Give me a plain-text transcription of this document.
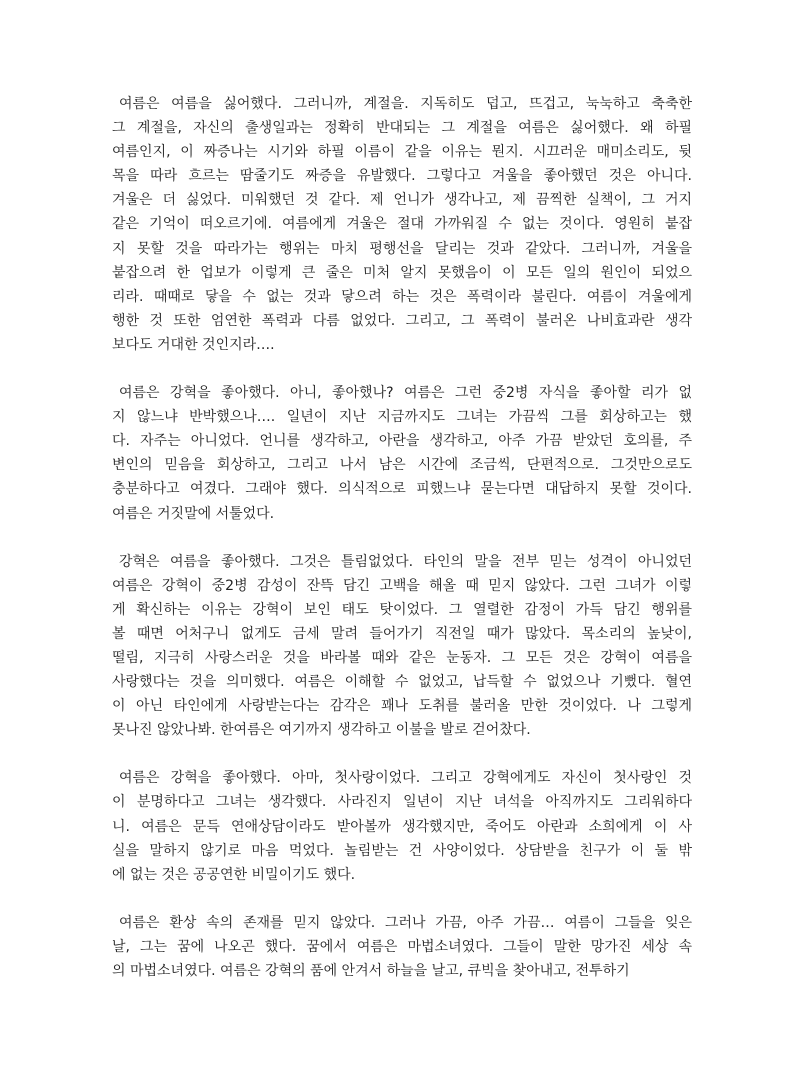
여름은 여름을 싫어했다. 그러니까, 계절을. 지독히도 덥고, 뜨겁고, 눅눅하고 축축한
그 계절을, 자신의 출생일과는 정확히 반대되는 그 계절을 여름은 싫어했다. 왜 하필
여름인지, 이 짜증나는 시기와 하필 이름이 같을 이유는 뭔지. 시끄러운 매미소리도, 뒷
목을 따라 흐르는 땀줄기도 짜증을 유발했다. 그렇다고 겨울을 좋아했던 것은 아니다.
겨울은 더 싫었다. 미워했던 것 같다. 제 언니가 생각나고, 제 끔찍한 실책이, 그 거지
같은 기억이 떠오르기에. 여름에게 겨울은 절대 가까워질 수 없는 것이다. 영원히 붙잡
지 못할 것을 따라가는 행위는 마치 평행선을 달리는 것과 같았다. 그러니까, 겨울을
붙잡으려 한 업보가 이렇게 큰 줄은 미처 알지 못했음이 이 모든 일의 원인이 되었으
리라. 때때로 닿을 수 없는 것과 닿으려 하는 것은 폭력이라 불린다. 여름이 겨울에게
행한 것 또한 엄연한 폭력과 다름 없었다. 그리고, 그 폭력이 불러온 나비효과란 생각
보다도 거대한 것인지라….
여름은 강혁을 좋아했다. 아니, 좋아했나? 여름은 그런 중2병 자식을 좋아할 리가 없
지 않느냐 반박했으나…. 일년이 지난 지금까지도 그녀는 가끔씩 그를 회상하고는 했
다. 자주는 아니었다. 언니를 생각하고, 아란을 생각하고, 아주 가끔 받았던 호의를, 주
변인의 믿음을 회상하고, 그리고 나서 남은 시간에 조금씩, 단편적으로. 그것만으로도
충분하다고 여겼다. 그래야 했다. 의식적으로 피했느냐 묻는다면 대답하지 못할 것이다.
여름은 거짓말에 서툴었다.
강혁은 여름을 좋아했다. 그것은 틀림없었다. 타인의 말을 전부 믿는 성격이 아니었던
여름은 강혁이 중2병 감성이 잔뜩 담긴 고백을 해올 때 믿지 않았다. 그런 그녀가 이렇
게 확신하는 이유는 강혁이 보인 태도 탓이었다. 그 열렬한 감정이 가득 담긴 행위를
볼 때면 어처구니 없게도 금세 말려 들어가기 직전일 때가 많았다. 목소리의 높낮이,
떨림, 지극히 사랑스러운 것을 바라볼 때와 같은 눈동자. 그 모든 것은 강혁이 여름을
사랑했다는 것을 의미했다. 여름은 이해할 수 없었고, 납득할 수 없었으나 기뻤다. 혈연
이 아닌 타인에게 사랑받는다는 감각은 꽤나 도취를 불러올 만한 것이었다. 나 그렇게
못나진 않았나봐. 한여름은 여기까지 생각하고 이불을 발로 걷어찼다.
여름은 강혁을 좋아했다. 아마, 첫사랑이었다. 그리고 강혁에게도 자신이 첫사랑인 것
이 분명하다고 그녀는 생각했다. 사라진지 일년이 지난 녀석을 아직까지도 그리워하다
니. 여름은 문득 연애상담이라도 받아볼까 생각했지만, 죽어도 아란과 소희에게 이 사
실을 말하지 않기로 마음 먹었다. 놀림받는 건 사양이었다. 상담받을 친구가 이 둘 밖
에 없는 것은 공공연한 비밀이기도 했다.
여름은 환상 속의 존재를 믿지 않았다. 그러나 가끔, 아주 가끔… 여름이 그들을 잊은
날, 그는 꿈에 나오곤 했다. 꿈에서 여름은 마법소녀였다. 그들이 말한 망가진 세상 속
의 마법소녀였다. 여름은 강혁의 품에 안겨서 하늘을 날고, 큐빅을 찾아내고, 전투하기
